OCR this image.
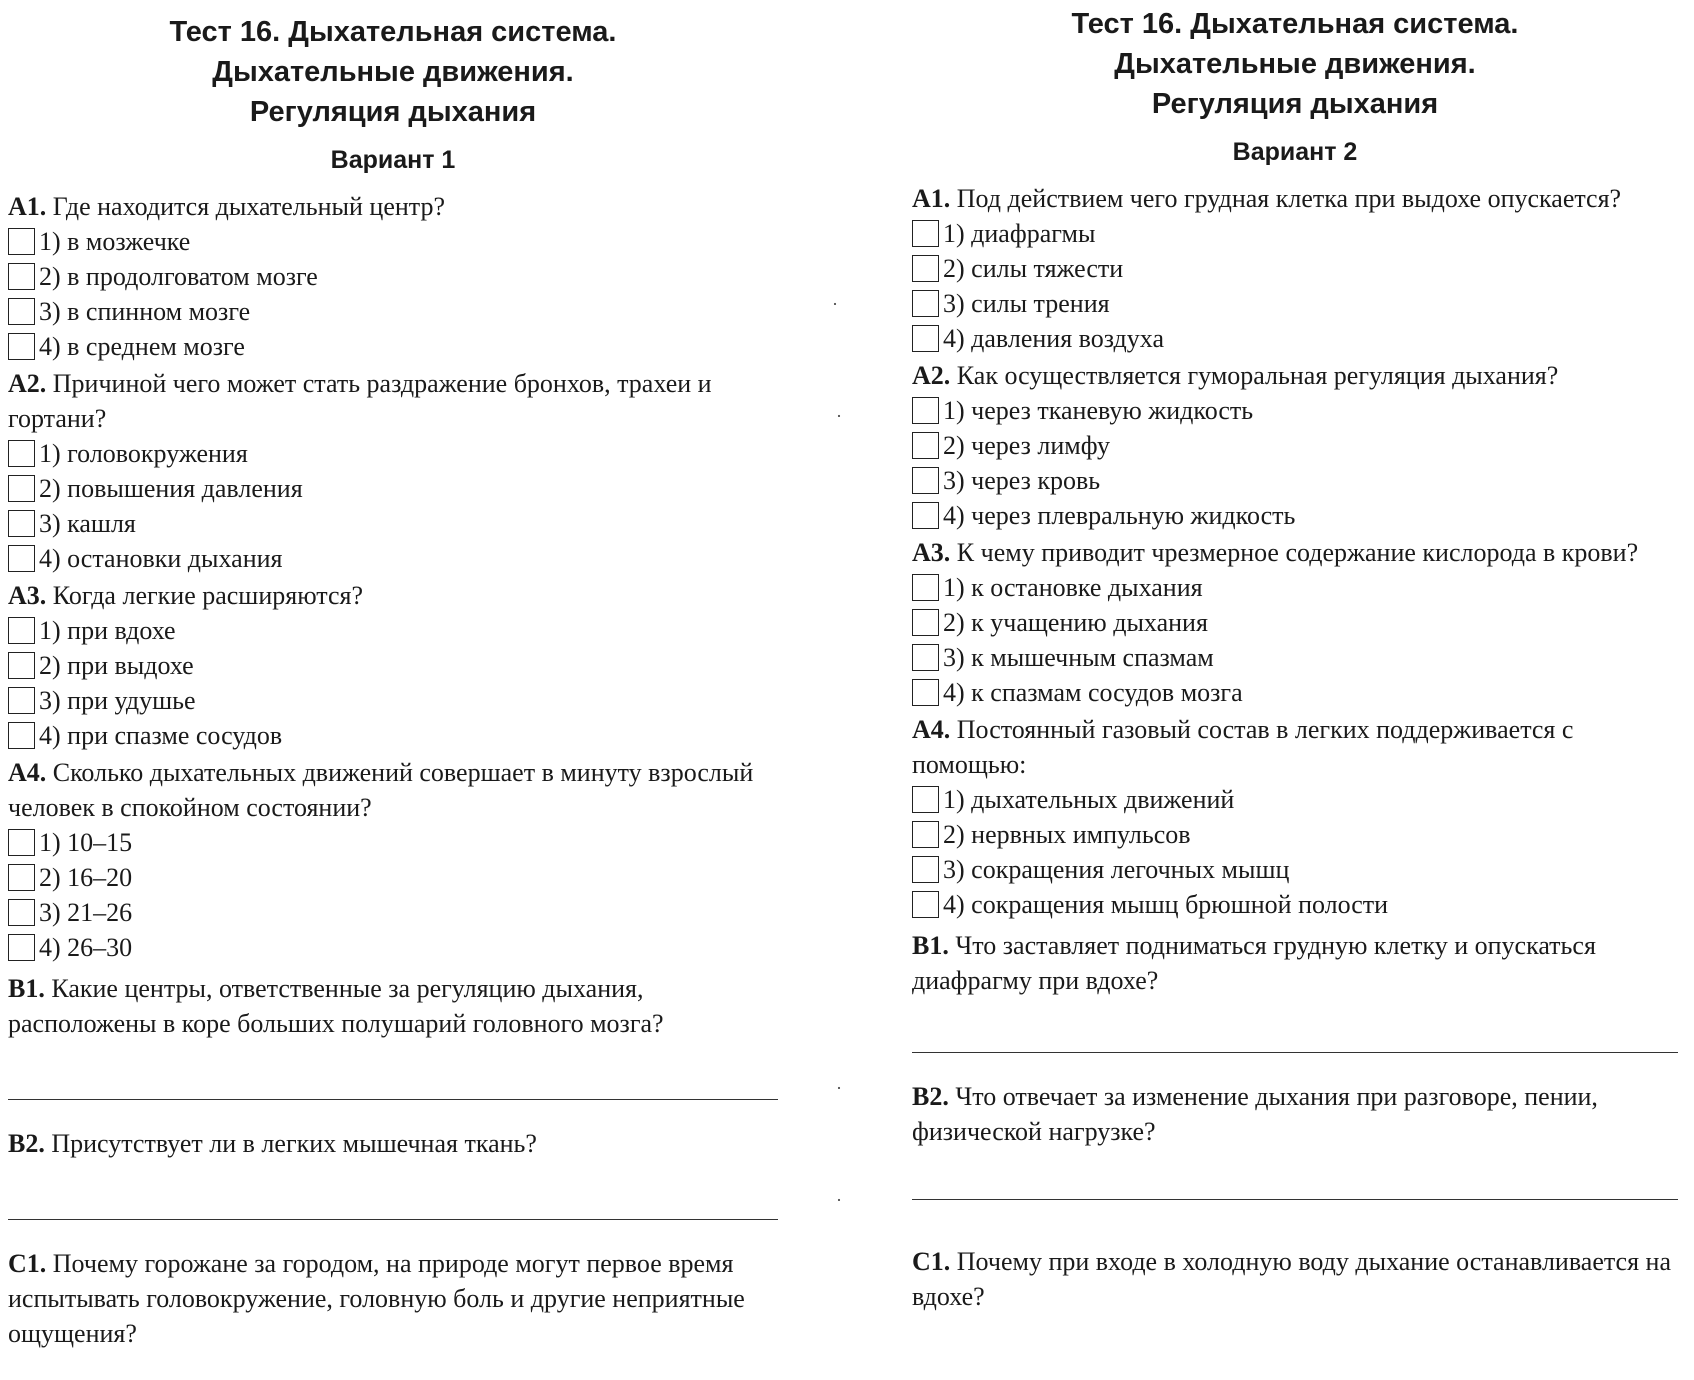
Тест 16. Дыхательная система.
Дыхательные движения.
Регуляция дыхания
Вариант 1
А1. Где находится дыхательный центр?
1) в мозжечке
2) в продолговатом мозге
3) в спинном мозге
4) в среднем мозге
А2. Причиной чего может стать раздражение бронхов, трахеи и гортани?
1) головокружения
2) повышения давления
3) кашля
4) остановки дыхания
А3. Когда легкие расширяются?
1) при вдохе
2) при выдохе
3) при удушье
4) при спазме сосудов
А4. Сколько дыхательных движений совершает в минуту взрослый человек в спокойном состоянии?
1) 10–15
2) 16–20
3) 21–26
4) 26–30
В1. Какие центры, ответственные за регуляцию дыхания, расположены в коре больших полушарий головного мозга?
В2. Присутствует ли в легких мышечная ткань?
С1. Почему горожане за городом, на природе могут первое время испытывать головокружение, головную боль и другие неприятные ощущения?
·
·
·
·
Тест 16. Дыхательная система.
Дыхательные движения.
Регуляция дыхания
Вариант 2
А1. Под действием чего грудная клетка при выдохе опускается?
1) диафрагмы
2) силы тяжести
3) силы трения
4) давления воздуха
А2. Как осуществляется гуморальная регуляция дыхания?
1) через тканевую жидкость
2) через лимфу
3) через кровь
4) через плевральную жидкость
А3. К чему приводит чрезмерное содержание кислорода в крови?
1) к остановке дыхания
2) к учащению дыхания
3) к мышечным спазмам
4) к спазмам сосудов мозга
А4. Постоянный газовый состав в легких поддерживается с помощью:
1) дыхательных движений
2) нервных импульсов
3) сокращения легочных мышц
4) сокращения мышц брюшной полости
В1. Что заставляет подниматься грудную клетку и опускаться диафрагму при вдохе?
В2. Что отвечает за изменение дыхания при разговоре, пении, физической нагрузке?
С1. Почему при входе в холодную воду дыхание останавливается на вдохе?
